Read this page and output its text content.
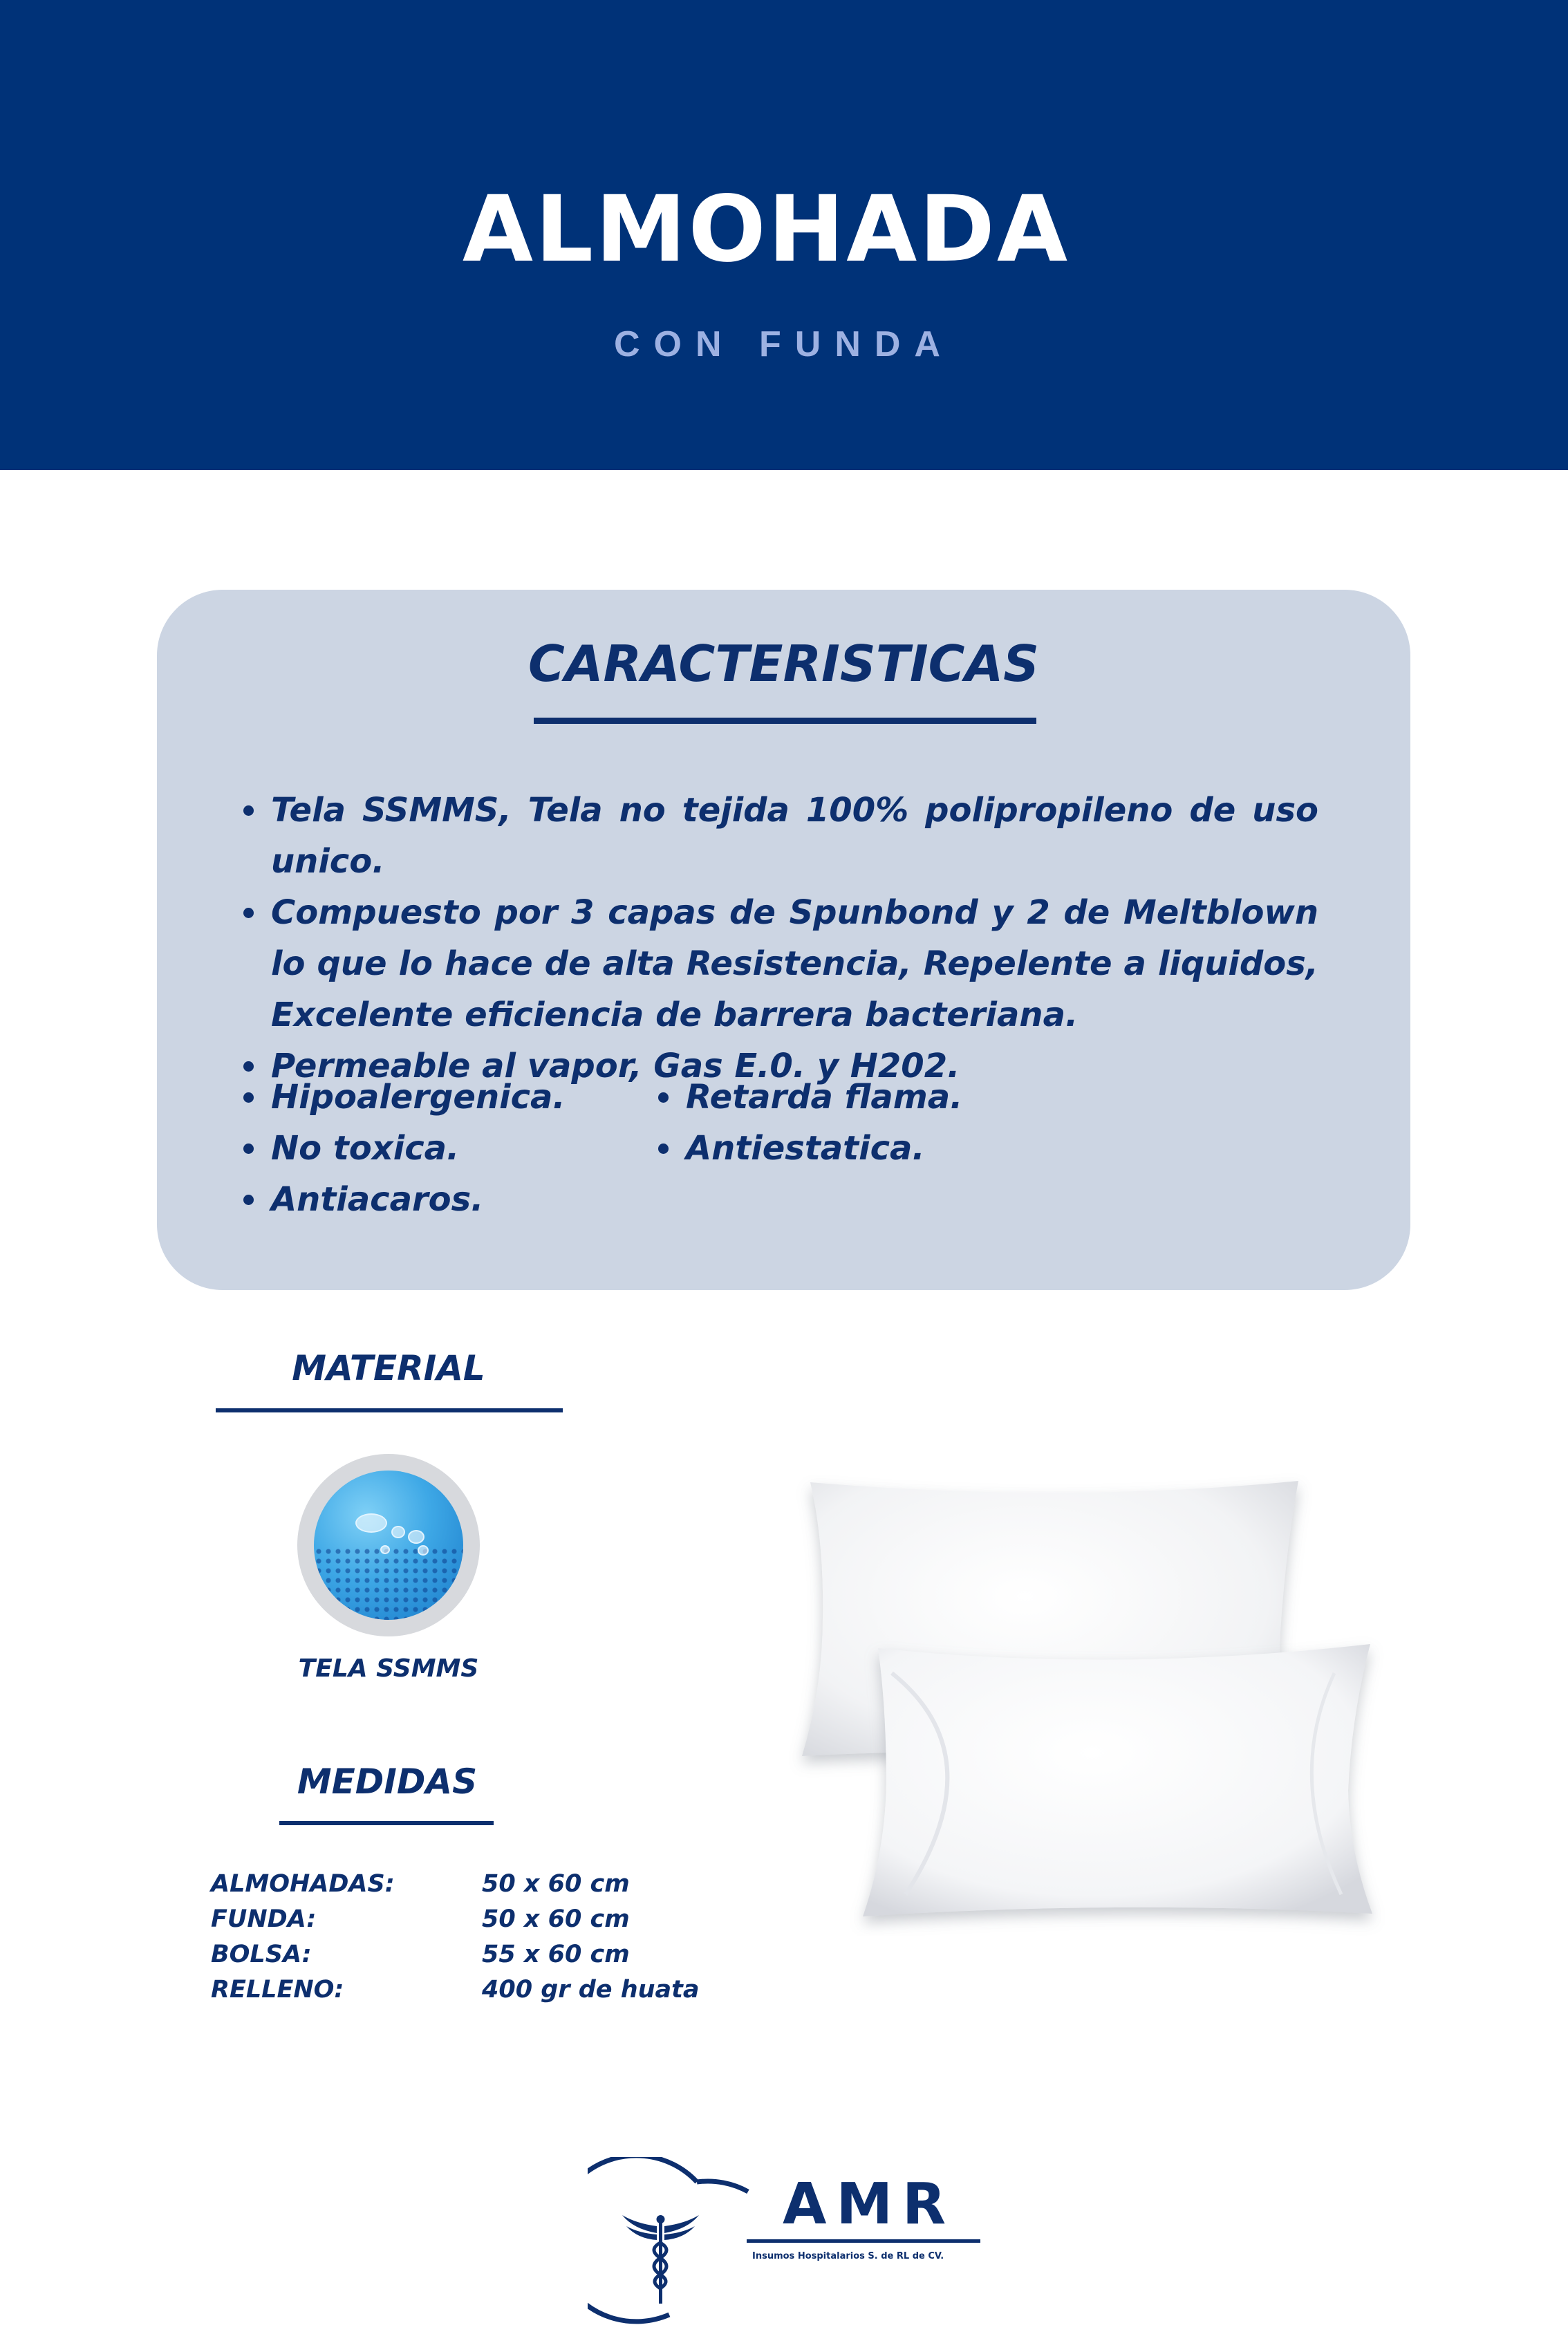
ALMOHADA
CON FUNDA
CARACTERISTICAS
Tela SSMMS, Tela no tejida 100% polipropileno de uso unico.
Compuesto por 3 capas de Spunbond y 2 de Meltblown lo que lo hace de alta Resistencia, Repelente a liquidos, Excelente eficiencia de barrera bacteriana.
Permeable al vapor, Gas E.0. y H202.
Hipoalergenica.
No toxica.
Antiacaros.
Retarda flama.
Antiestatica.
MATERIAL
TELA SSMMS
MEDIDAS
ALMOHADAS:	50 x 60 cm
FUNDA:	50 x 60 cm
BOLSA:	55 x 60 cm
RELLENO:	400 gr de huata
AMR
Insumos Hospitalarios S. de RL de CV.
